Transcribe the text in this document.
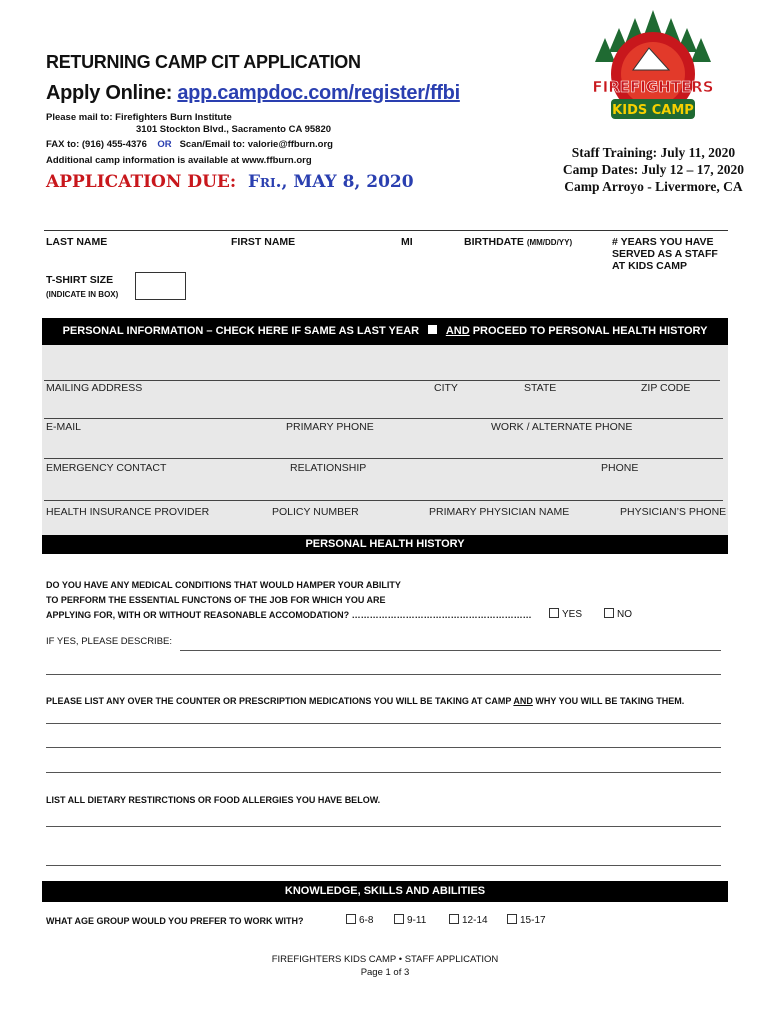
RETURNING CAMP CIT APPLICATION
Apply Online: app.campdoc.com/register/ffbi
Please mail to: Firefighters Burn Institute
3101 Stockton Blvd., Sacramento CA 95820
FAX to: (916) 455-4376 OR Scan/Email to: valorie@ffburn.org
Additional camp information is available at www.ffburn.org
APPLICATION DUE: Fri., MAY 8, 2020
Staff Training: July 11, 2020
Camp Dates: July 12 – 17, 2020
Camp Arroyo - Livermore, CA
FIREFIGHTERS
KIDS CAMP
LAST NAME	FIRST NAME	MI	BIRTHDATE (MM/DD/YY)	# YEARS YOU HAVE
SERVED AS A STAFF
AT KIDS CAMP
T-SHIRT SIZE
(INDICATE IN BOX)
PERSONAL INFORMATION – CHECK HERE IF SAME AS LAST YEAR AND PROCEED TO PERSONAL HEALTH HISTORY
MAILING ADDRESS	CITY	STATE	ZIP CODE
E-MAIL	PRIMARY PHONE	WORK / ALTERNATE PHONE
EMERGENCY CONTACT	RELATIONSHIP	PHONE
HEALTH INSURANCE PROVIDER	POLICY NUMBER	PRIMARY PHYSICIAN NAME	PHYSICIAN’S PHONE
PERSONAL HEALTH HISTORY
DO YOU HAVE ANY MEDICAL CONDITIONS THAT WOULD HAMPER YOUR ABILITY
TO PERFORM THE ESSENTIAL FUNCTONS OF THE JOB FOR WHICH YOU ARE
APPLYING FOR, WITH OR WITHOUT REASONABLE ACCOMODATION? ……………………………………………………	YES	NO
IF YES, PLEASE DESCRIBE:
PLEASE LIST ANY OVER THE COUNTER OR PRESCRIPTION MEDICATIONS YOU WILL BE TAKING AT CAMP AND WHY YOU WILL BE TAKING THEM.
LIST ALL DIETARY RESTIRCTIONS OR FOOD ALLERGIES YOU HAVE BELOW.
KNOWLEDGE, SKILLS AND ABILITIES
WHAT AGE GROUP WOULD YOU PREFER TO WORK WITH?	6-8	9-11	12-14	15-17
FIREFIGHTERS KIDS CAMP • STAFF APPLICATION
Page 1 of 3
